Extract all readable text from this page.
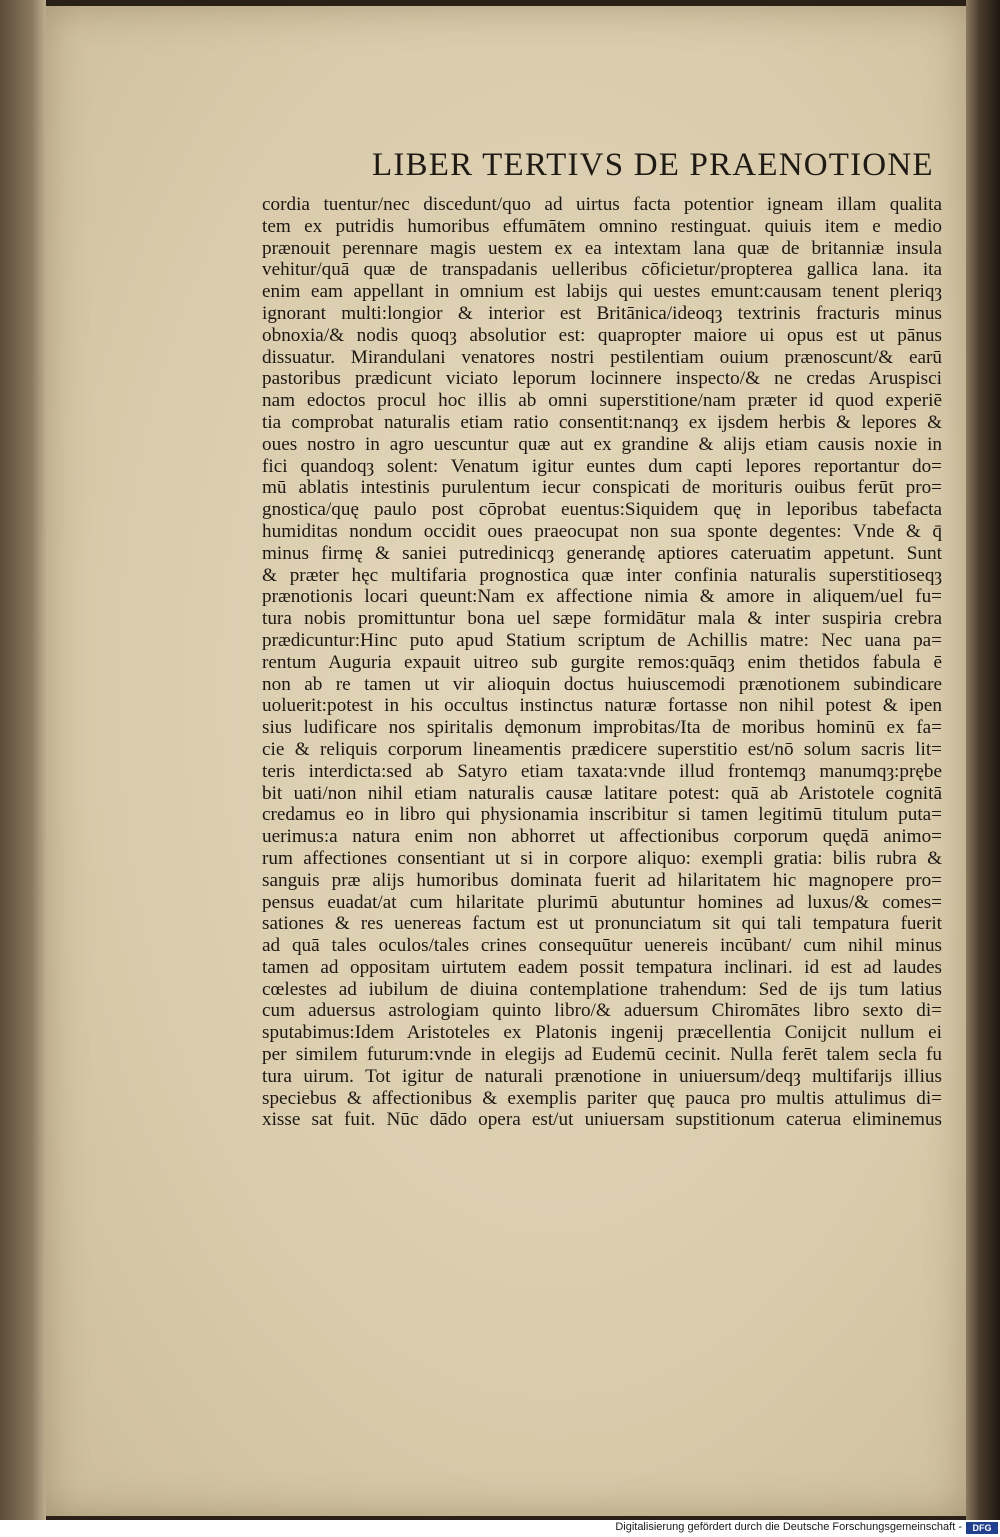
LIBER TERTIVS DE PRAENOTIONE
cordia tuentur/nec discedunt/quo ad uirtus facta potentior igneam illam qualita
tem ex putridis humoribus effumātem omnino restinguat. quiuis item e medio
prænouit perennare magis uestem ex ea intextam lana quæ de britanniæ insula
vehitur/quā quæ de transpadanis uelleribus cōficietur/propterea gallica lana. ita
enim eam appellant in omnium est labijs qui uestes emunt:causam tenent pleriqȝ
ignorant multi:longior & interior est Britānica/ideoqȝ textrinis fracturis minus
obnoxia/& nodis quoqȝ absolutior est: quapropter maiore ui opus est ut pānus
dissuatur. Mirandulani venatores nostri pestilentiam ouium prænoscunt/& earū
pastoribus prædicunt viciato leporum locinnere inspecto/& ne credas Aruspisci
nam edoctos procul hoc illis ab omni superstitione/nam præter id quod experiē
tia comprobat naturalis etiam ratio consentit:nanqȝ ex ijsdem herbis & lepores &
oues nostro in agro uescuntur quæ aut ex grandine & alijs etiam causis noxie in
fici quandoqȝ solent: Venatum igitur euntes dum capti lepores reportantur do=
mū ablatis intestinis purulentum iecur conspicati de morituris ouibus ferūt pro=
gnostica/quę paulo post cōprobat euentus:Siquidem quę in leporibus tabefacta
humiditas nondum occidit oues praeocupat non sua sponte degentes: Vnde & q̄
minus firmę & saniei putredinicqȝ generandę aptiores cateruatim appetunt. Sunt
& præter hęc multifaria prognostica quæ inter confinia naturalis superstitioseqȝ
prænotionis locari queunt:Nam ex affectione nimia & amore in aliquem/uel fu=
tura nobis promittuntur bona uel sæpe formidātur mala & inter suspiria crebra
prædicuntur:Hinc puto apud Statium scriptum de Achillis matre: Nec uana pa=
rentum Auguria expauit uitreo sub gurgite remos:quāqȝ enim thetidos fabula ē
non ab re tamen ut vir alioquin doctus huiuscemodi prænotionem subindicare
uoluerit:potest in his occultus instinctus naturæ fortasse non nihil potest & ipen
sius ludificare nos spiritalis dęmonum improbitas/Ita de moribus hominū ex fa=
cie & reliquis corporum lineamentis prædicere superstitio est/nō solum sacris lit=
teris interdicta:sed ab Satyro etiam taxata:vnde illud frontemqȝ manumqȝ:prębe
bit uati/non nihil etiam naturalis causæ latitare potest: quā ab Aristotele cognitā
credamus eo in libro qui physionamia inscribitur si tamen legitimū titulum puta=
uerimus:a natura enim non abhorret ut affectionibus corporum quędā animo=
rum affectiones consentiant ut si in corpore aliquo: exempli gratia: bilis rubra &
sanguis præ alijs humoribus dominata fuerit ad hilaritatem hic magnopere pro=
pensus euadat/at cum hilaritate plurimū abutuntur homines ad luxus/& comes=
sationes & res uenereas factum est ut pronunciatum sit qui tali tempatura fuerit
ad quā tales oculos/tales crines consequūtur uenereis incūbant/ cum nihil minus
tamen ad oppositam uirtutem eadem possit tempatura inclinari. id est ad laudes
cœlestes ad iubilum de diuina contemplatione trahendum: Sed de ijs tum latius
cum aduersus astrologiam quinto libro/& aduersum Chiromātes libro sexto di=
sputabimus:Idem Aristoteles ex Platonis ingenij præcellentia Conijcit nullum ei
per similem futurum:vnde in elegijs ad Eudemū cecinit. Nulla ferēt talem secla fu
tura uirum. Tot igitur de naturali prænotione in uniuersum/deqȝ multifarijs illius
speciebus & affectionibus & exemplis pariter quę pauca pro multis attulimus di=
xisse sat fuit. Nūc dādo opera est/ut uniuersam supstitionum caterua eliminemus
Digitalisierung gefördert durch die Deutsche Forschungsgemeinschaft -	DFG
